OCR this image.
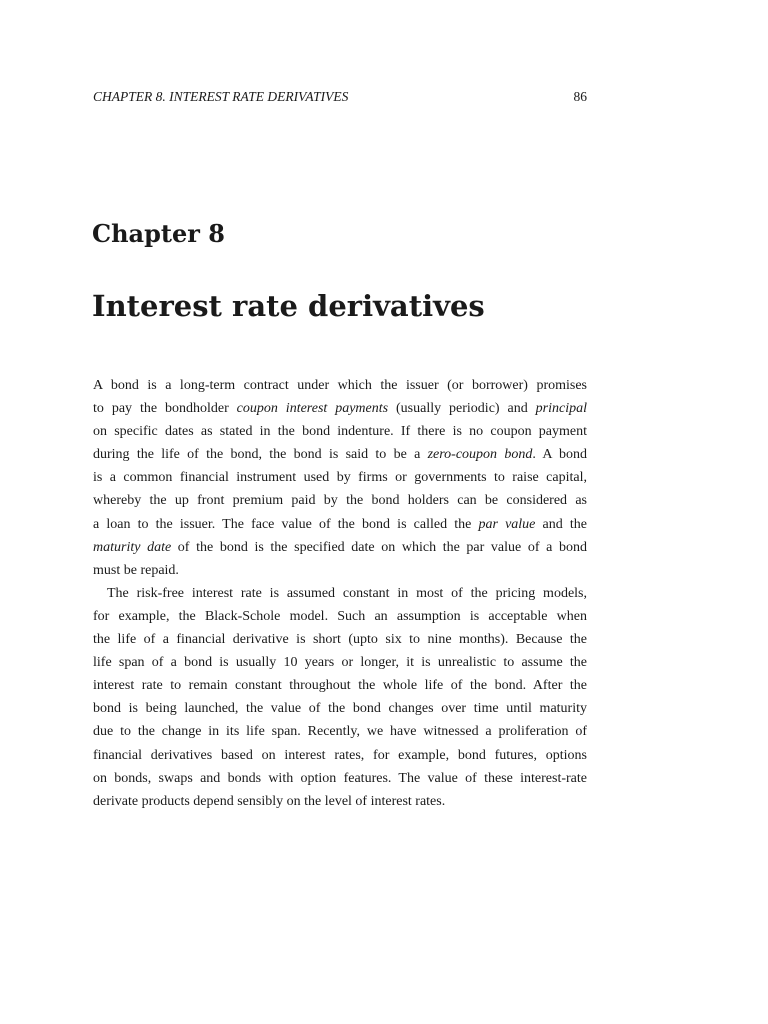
CHAPTER 8. INTEREST RATE DERIVATIVES	86
Chapter 8
Interest rate derivatives
A bond is a long-term contract under which the issuer (or borrower) promises
to pay the bondholder coupon interest payments (usually periodic) and principal
on specific dates as stated in the bond indenture. If there is no coupon payment
during the life of the bond, the bond is said to be a zero-coupon bond. A bond
is a common financial instrument used by firms or governments to raise capital,
whereby the up front premium paid by the bond holders can be considered as
a loan to the issuer. The face value of the bond is called the par value and the
maturity date of the bond is the specified date on which the par value of a bond
must be repaid.
The risk-free interest rate is assumed constant in most of the pricing models,
for example, the Black-Schole model. Such an assumption is acceptable when
the life of a financial derivative is short (upto six to nine months). Because the
life span of a bond is usually 10 years or longer, it is unrealistic to assume the
interest rate to remain constant throughout the whole life of the bond. After the
bond is being launched, the value of the bond changes over time until maturity
due to the change in its life span. Recently, we have witnessed a proliferation of
financial derivatives based on interest rates, for example, bond futures, options
on bonds, swaps and bonds with option features. The value of these interest-rate
derivate products depend sensibly on the level of interest rates.
